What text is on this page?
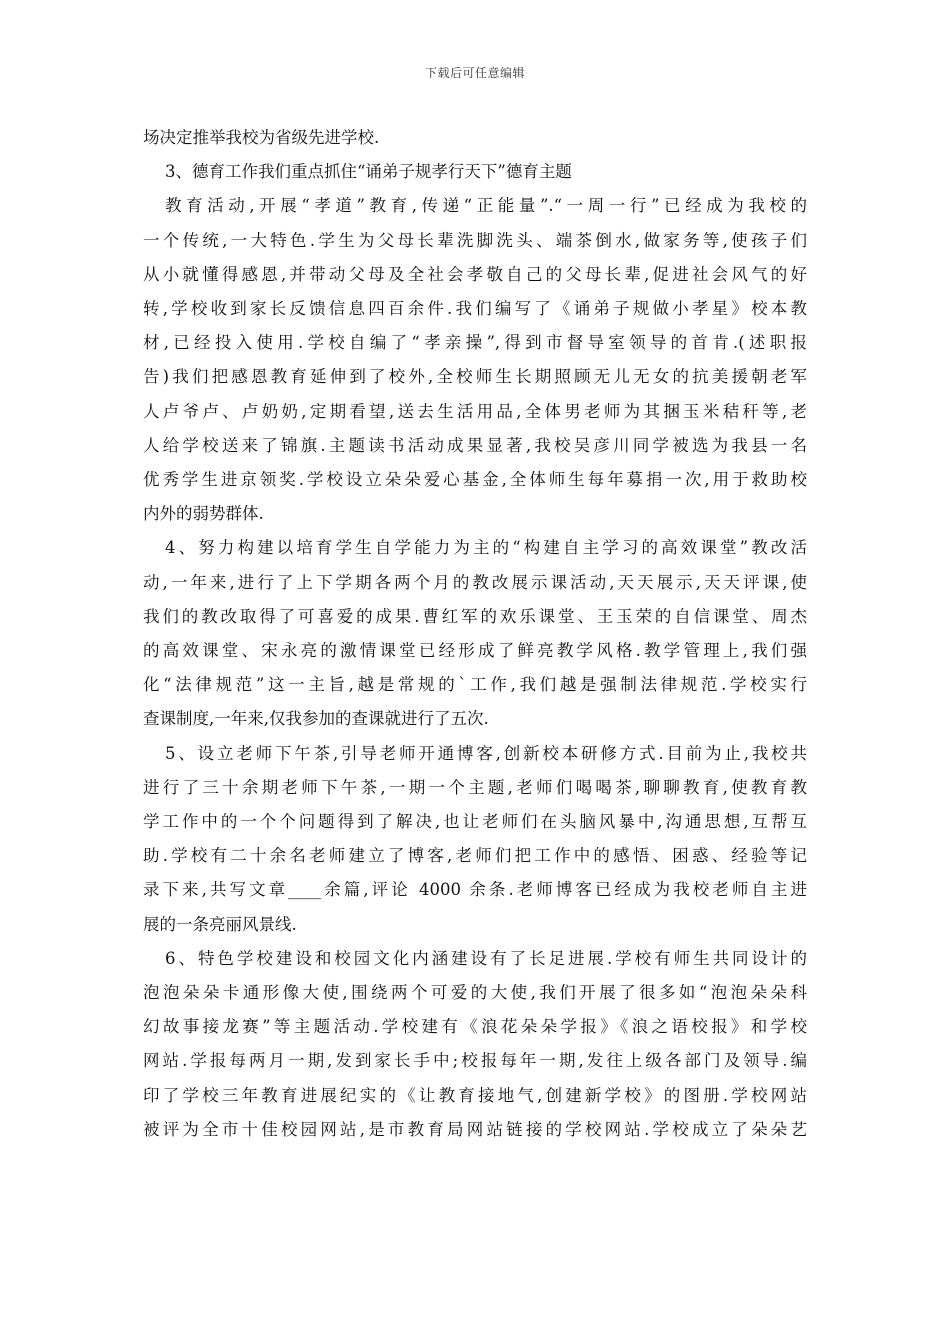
下载后可任意编辑
场决定推举我校为省级先进学校.
3、德育工作我们重点抓住“诵弟子规孝行天下”德育主题
教育活动,开展“孝道”教育,传递“正能量”.“一周一行”已经成为我校的
一个传统,一大特色.学生为父母长辈洗脚洗头、端茶倒水,做家务等,使孩子们
从小就懂得感恩,并带动父母及全社会孝敬自己的父母长辈,促进社会风气的好
转,学校收到家长反馈信息四百余件.我们编写了《诵弟子规做小孝星》校本教
材,已经投入使用.学校自编了“孝亲操”,得到市督导室领导的首肯.(述职报
告)我们把感恩教育延伸到了校外,全校师生长期照顾无儿无女的抗美援朝老军
人卢爷卢、卢奶奶,定期看望,送去生活用品,全体男老师为其捆玉米秸秆等,老
人给学校送来了锦旗.主题读书活动成果显著,我校吴彦川同学被选为我县一名
优秀学生进京领奖.学校设立朵朵爱心基金,全体师生每年募捐一次,用于救助校
内外的弱势群体.
4、努力构建以培育学生自学能力为主的“构建自主学习的高效课堂”教改活
动,一年来,进行了上下学期各两个月的教改展示课活动,天天展示,天天评课,使
我们的教改取得了可喜爱的成果.曹红军的欢乐课堂、王玉荣的自信课堂、周杰
的高效课堂、宋永亮的激情课堂已经形成了鲜亮教学风格.教学管理上,我们强
化“法律规范”这一主旨,越是常规的`工作,我们越是强制法律规范.学校实行
查课制度,一年来,仅我参加的查课就进行了五次.
5、设立老师下午茶,引导老师开通博客,创新校本研修方式.目前为止,我校共
进行了三十余期老师下午茶,一期一个主题,老师们喝喝茶,聊聊教育,使教育教
学工作中的一个个问题得到了解决,也让老师们在头脑风暴中,沟通思想,互帮互
助.学校有二十余名老师建立了博客,老师们把工作中的感悟、困惑、经验等记
录下来,共写文章____余篇,评论 4000 余条.老师博客已经成为我校老师自主进
展的一条亮丽风景线.
6、特色学校建设和校园文化内涵建设有了长足进展.学校有师生共同设计的
泡泡朵朵卡通形像大使,围绕两个可爱的大使,我们开展了很多如“泡泡朵朵科
幻故事接龙赛”等主题活动.学校建有《浪花朵朵学报》《浪之语校报》和学校
网站.学报每两月一期,发到家长手中;校报每年一期,发往上级各部门及领导.编
印了学校三年教育进展纪实的《让教育接地气,创建新学校》的图册.学校网站
被评为全市十佳校园网站,是市教育局网站链接的学校网站.学校成立了朵朵艺
